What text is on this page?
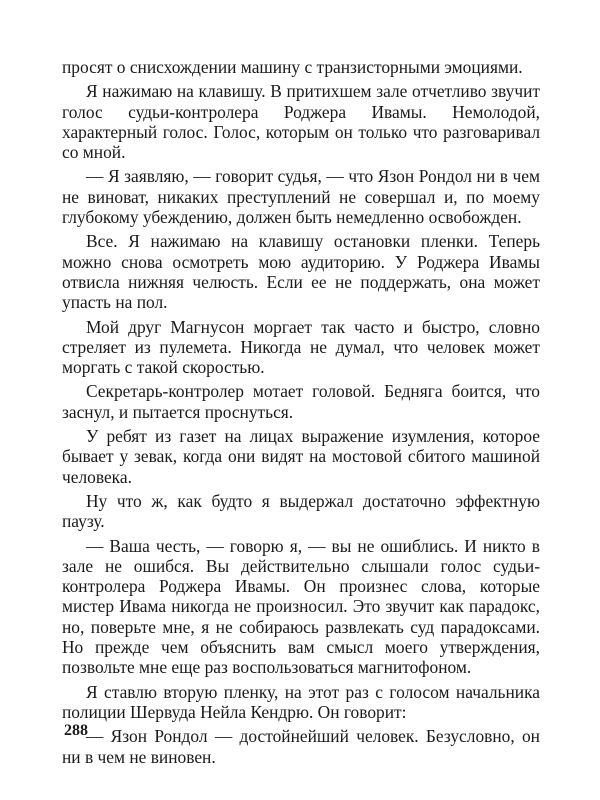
просят о снисхождении машину с транзисторными эмоциями.

Я нажимаю на клавишу. В притихшем зале отчетливо звучит голос судьи-контролера Роджера Ивамы. Немолодой, характерный голос. Голос, которым он только что разговаривал со мной.

— Я заявляю, — говорит судья, — что Язон Рондол ни в чем не виноват, никаких преступлений не совершал и, по моему глубокому убеждению, должен быть немедленно освобожден.

Все. Я нажимаю на клавишу остановки пленки. Теперь можно снова осмотреть мою аудиторию. У Роджера Ивамы отвисла нижняя челюсть. Если ее не поддержать, она может упасть на пол.

Мой друг Магнусон моргает так часто и быстро, словно стреляет из пулемета. Никогда не думал, что человек может моргать с такой скоростью.

Секретарь-контролер мотает головой. Бедняга боится, что заснул, и пытается проснуться.

У ребят из газет на лицах выражение изумления, которое бывает у зевак, когда они видят на мостовой сбитого машиной человека.

Ну что ж, как будто я выдержал достаточно эффектную паузу.

— Ваша честь, — говорю я, — вы не ошиблись. И никто в зале не ошибся. Вы действительно слышали голос судьи-контролера Роджера Ивамы. Он произнес слова, которые мистер Ивама никогда не произносил. Это звучит как парадокс, но, поверьте мне, я не собираюсь развлекать суд парадоксами. Но прежде чем объяснить вам смысл моего утверждения, позвольте мне еще раз воспользоваться магнитофоном.

Я ставлю вторую пленку, на этот раз с голосом начальника полиции Шервуда Нейла Кендрю. Он говорит:

— Язон Рондол — достойнейший человек. Безусловно, он ни в чем не виновен.

288
